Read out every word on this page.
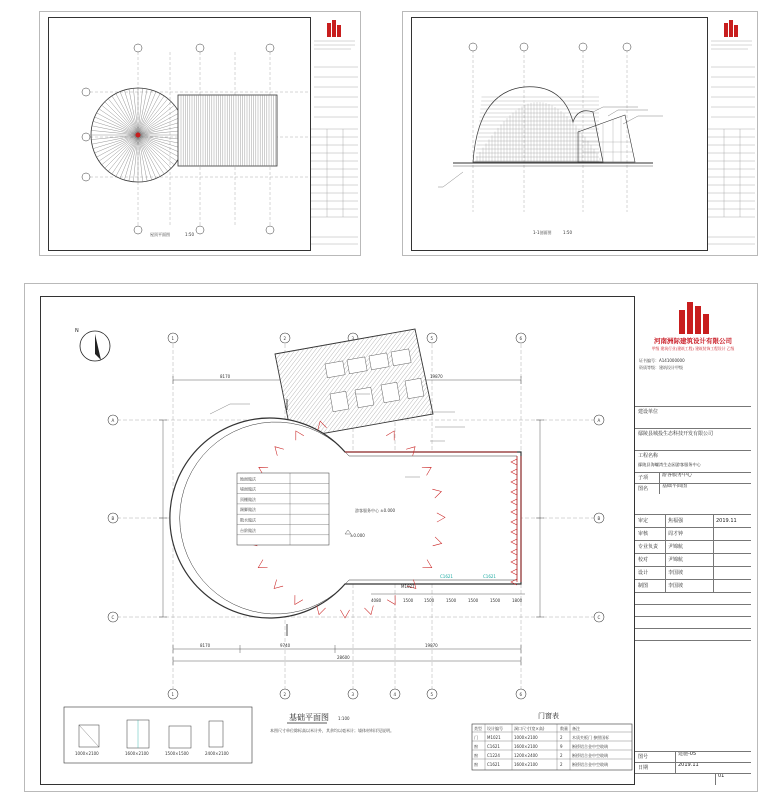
屋顶平面图	1:50	1-1剖面图	1:50
N
1
1
2
2
3
3	4
5
5
6
6
A	A
B	B
C	C
8170	19870
8170	9740	19870
28600
4080	1500	1500	1500	1500	1500	1800
游客服务中心 ±0.000
±0.000
C1621	C1621
M1021
基础平面图 1:100
本图尺寸单位除标高以米计外，其余均以毫米计；墙体材料详见说明。
1000×2100	1600×2100	1500×1500	2400×2100
门窗表
类型 设计编号	洞口尺寸(宽×高)	数量 备注
门 M1021	1000×2100	2 木质夹板门 参照国标
窗 C1621	1600×2100	9 断桥铝合金中空玻璃
窗 C1224	1200×2400	2 断桥铝合金中空玻璃
窗 C1621	1600×2100	2 断桥铝合金中空玻璃
地面做法
墙面做法
顶棚做法
踢脚做法
散水做法
台阶做法
河南洲际建筑设计有限公司
甲级 建筑行业(建筑工程) 建筑装饰工程设计 乙级
证书编号：A141000000
资质等级：建筑设计甲级
建设单位
鄢陵县城投生态科技开发有限公司
工程名称
鄢陵县海螺湾生态园游客服务中心
子项	游客服务中心
图名	基础平面图
审定	焦福强	2019.11
审核	周才钟
专业负责	尹锦航
校对	尹锦航
设计	李国坡
制图	李国坡
图号	建施-05
日期	2019.11
01
